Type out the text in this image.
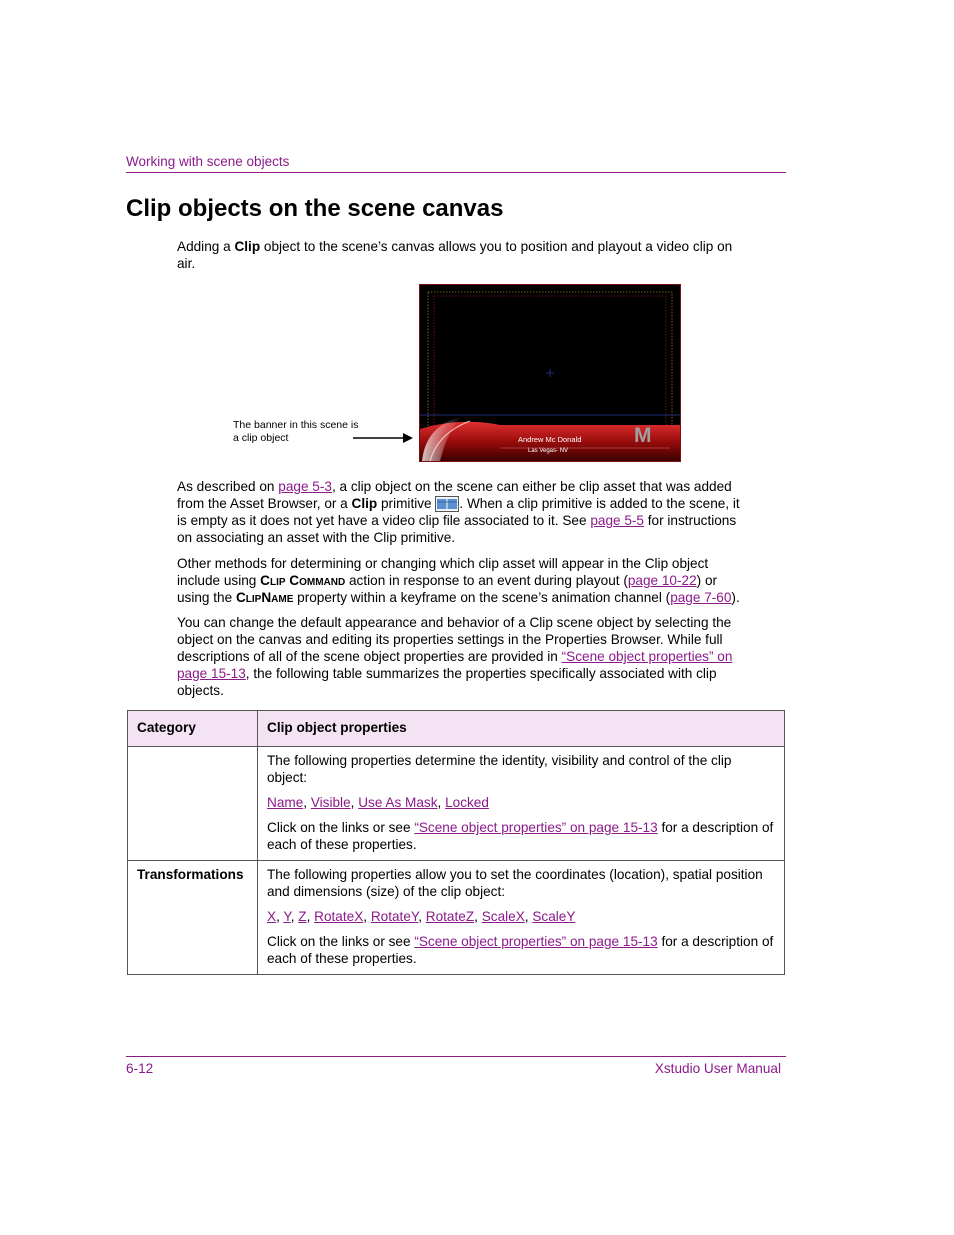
Working with scene objects
Clip objects on the scene canvas

Adding a Clip object to the scene’s canvas allows you to position and playout a video clip on air.

Andrew Mc Donald
Las Vegas- NV
M
The banner in this scene is a clip object

As described on page 5-3, a clip object on the scene can either be clip asset that was added from the Asset Browser, or a Clip primitive . When a clip primitive is added to the scene, it is empty as it does not yet have a video clip file associated to it. See page 5-5 for instructions on associating an asset with the Clip primitive.

Other methods for determining or changing which clip asset will appear in the Clip object include using Clip Command action in response to an event during playout (page 10-22) or using the ClipName property within a keyframe on the scene’s animation channel (page 7-60).

You can change the default appearance and behavior of a Clip scene object by selecting the object on the canvas and editing its properties settings in the Properties Browser. While full descriptions of all of the scene object properties are provided in “Scene object properties” on page 15-13, the following table summarizes the properties specifically associated with clip objects.

Category	Clip object properties

	The following properties determine the identity, visibility and control of the clip object:

Name, Visible, Use As Mask, Locked

Click on the links or see “Scene object properties” on page 15-13 for a description of each of these properties.

Transformations	The following properties allow you to set the coordinates (location), spatial position and dimensions (size) of the clip object:

X, Y, Z, RotateX, RotateY, RotateZ, ScaleX, ScaleY

Click on the links or see “Scene object properties” on page 15-13 for a description of each of these properties.

6-12	Xstudio User Manual
